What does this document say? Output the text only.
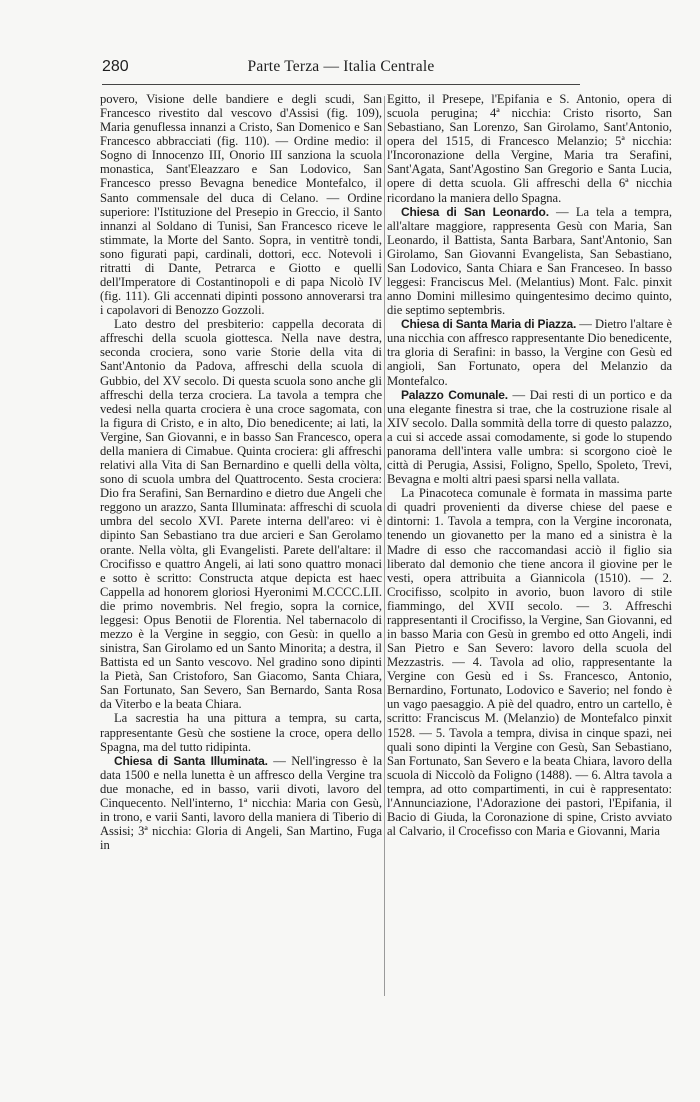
280	Parte Terza — Italia Centrale

povero, Visione delle bandiere e degli scudi, San Francesco rivestito dal vescovo d'Assisi (fig. 109), Maria genuflessa innanzi a Cristo, San Domenico e San Francesco abbracciati (fig. 110). — Ordine medio: il Sogno di Innocenzo III, Onorio III sanziona la scuola monastica, Sant'Eleazzaro e San Lodovico, San Francesco presso Bevagna benedice Montefalco, il Santo commensale del duca di Celano. — Ordine superiore: l'Istituzione del Presepio in Greccio, il Santo innanzi al Soldano di Tunisi, San Francesco riceve le stimmate, la Morte del Santo. Sopra, in ventitrè tondi, sono figurati papi, cardinali, dottori, ecc. Notevoli i ritratti di Dante, Petrarca e Giotto e quelli dell'Imperatore di Costantinopoli e di papa Nicolò IV (fig. 111). Gli accennati dipinti possono annoverarsi tra i capolavori di Benozzo Gozzoli.

Lato destro del presbiterio: cappella decorata di affreschi della scuola giottesca. Nella nave destra, seconda crociera, sono varie Storie della vita di Sant'Antonio da Padova, affreschi della scuola di Gubbio, del XV secolo. Di questa scuola sono anche gli affreschi della terza crociera. La tavola a tempra che vedesi nella quarta crociera è una croce sagomata, con la figura di Cristo, e in alto, Dio benedicente; ai lati, la Vergine, San Giovanni, e in basso San Francesco, opera della maniera di Cimabue. Quinta crociera: gli affreschi relativi alla Vita di San Bernardino e quelli della vòlta, sono di scuola umbra del Quattrocento. Sesta crociera: Dio fra Serafini, San Bernardino e dietro due Angeli che reggono un arazzo, Santa Illuminata: affreschi di scuola umbra del secolo XVI. Parete interna dell'areo: vi è dipinto San Sebastiano tra due arcieri e San Gerolamo orante. Nella vòlta, gli Evangelisti. Parete dell'altare: il Crocifisso e quattro Angeli, ai lati sono quattro monaci e sotto è scritto: Constructa atque depicta est haec Cappella ad honorem gloriosi Hyeronimi M.CCCC.LII. die primo novembris. Nel fregio, sopra la cornice, leggesi: Opus Benotii de Florentia. Nel tabernacolo di mezzo è la Vergine in seggio, con Gesù: in quello a sinistra, San Girolamo ed un Santo Minorita; a destra, il Battista ed un Santo vescovo. Nel gradino sono dipinti la Pietà, San Cristoforo, San Giacomo, Santa Chiara, San Fortunato, San Severo, San Bernardo, Santa Rosa da Viterbo e la beata Chiara.

La sacrestia ha una pittura a tempra, su carta, rappresentante Gesù che sostiene la croce, opera dello Spagna, ma del tutto ridipinta.

Chiesa di Santa Illuminata. — Nell'ingresso è la data 1500 e nella lunetta è un affresco della Vergine tra due monache, ed in basso, varii divoti, lavoro del Cinquecento. Nell'interno, 1ª nicchia: Maria con Gesù, in trono, e varii Santi, lavoro della maniera di Tiberio di Assisi; 3ª nicchia: Gloria di Angeli, San Martino, Fuga in

Egitto, il Presepe, l'Epifania e S. Antonio, opera di scuola perugina; 4ª nicchia: Cristo risorto, San Sebastiano, San Lorenzo, San Girolamo, Sant'Antonio, opera del 1515, di Francesco Melanzio; 5ª nicchia: l'Incoronazione della Vergine, Maria tra Serafini, Sant'Agata, Sant'Agostino San Gregorio e Santa Lucia, opere di detta scuola. Gli affreschi della 6ª nicchia ricordano la maniera dello Spagna.

Chiesa di San Leonardo. — La tela a tempra, all'altare maggiore, rappresenta Gesù con Maria, San Leonardo, il Battista, Santa Barbara, Sant'Antonio, San Girolamo, San Giovanni Evangelista, San Sebastiano, San Lodovico, Santa Chiara e San Franceseo. In basso leggesi: Franciscus Mel. (Melantius) Mont. Falc. pinxit anno Domini millesimo quingentesimo decimo quinto, die septimo septembris.

Chiesa di Santa Maria di Piazza. — Dietro l'altare è una nicchia con affresco rappresentante Dio benedicente, tra gloria di Serafini: in basso, la Vergine con Gesù ed angioli, San Fortunato, opera del Melanzio da Montefalco.

Palazzo Comunale. — Dai resti di un portico e da una elegante finestra si trae, che la costruzione risale al XIV secolo. Dalla sommità della torre di questo palazzo, a cui si accede assai comodamente, si gode lo stupendo panorama dell'intera valle umbra: si scorgono cioè le città di Perugia, Assisi, Foligno, Spello, Spoleto, Trevi, Bevagna e molti altri paesi sparsi nella vallata.

La Pinacoteca comunale è formata in massima parte di quadri provenienti da diverse chiese del paese e dintorni: 1. Tavola a tempra, con la Vergine incoronata, tenendo un giovanetto per la mano ed a sinistra è la Madre di esso che raccomandasi acciò il figlio sia liberato dal demonio che tiene ancora il giovine per le vesti, opera attribuita a Giannicola (1510). — 2. Crocifisso, scolpito in avorio, buon lavoro di stile fiammingo, del XVII secolo. — 3. Affreschi rappresentanti il Crocifisso, la Vergine, San Giovanni, ed in basso Maria con Gesù in grembo ed otto Angeli, indi San Pietro e San Severo: lavoro della scuola del Mezzastris. — 4. Tavola ad olio, rappresentante la Vergine con Gesù ed i Ss. Francesco, Antonio, Bernardino, Fortunato, Lodovico e Saverio; nel fondo è un vago paesaggio. A piè del quadro, entro un cartello, è scritto: Franciscus M. (Melanzio) de Montefalco pinxit 1528. — 5. Tavola a tempra, divisa in cinque spazi, nei quali sono dipinti la Vergine con Gesù, San Sebastiano, San Fortunato, San Severo e la beata Chiara, lavoro della scuola di Niccolò da Foligno (1488). — 6. Altra tavola a tempra, ad otto compartimenti, in cui è rappresentato: l'Annunciazione, l'Adorazione dei pastori, l'Epifania, il Bacio di Giuda, la Coronazione di spine, Cristo avviato al Calvario, il Crocefisso con Maria e Giovanni, Maria
